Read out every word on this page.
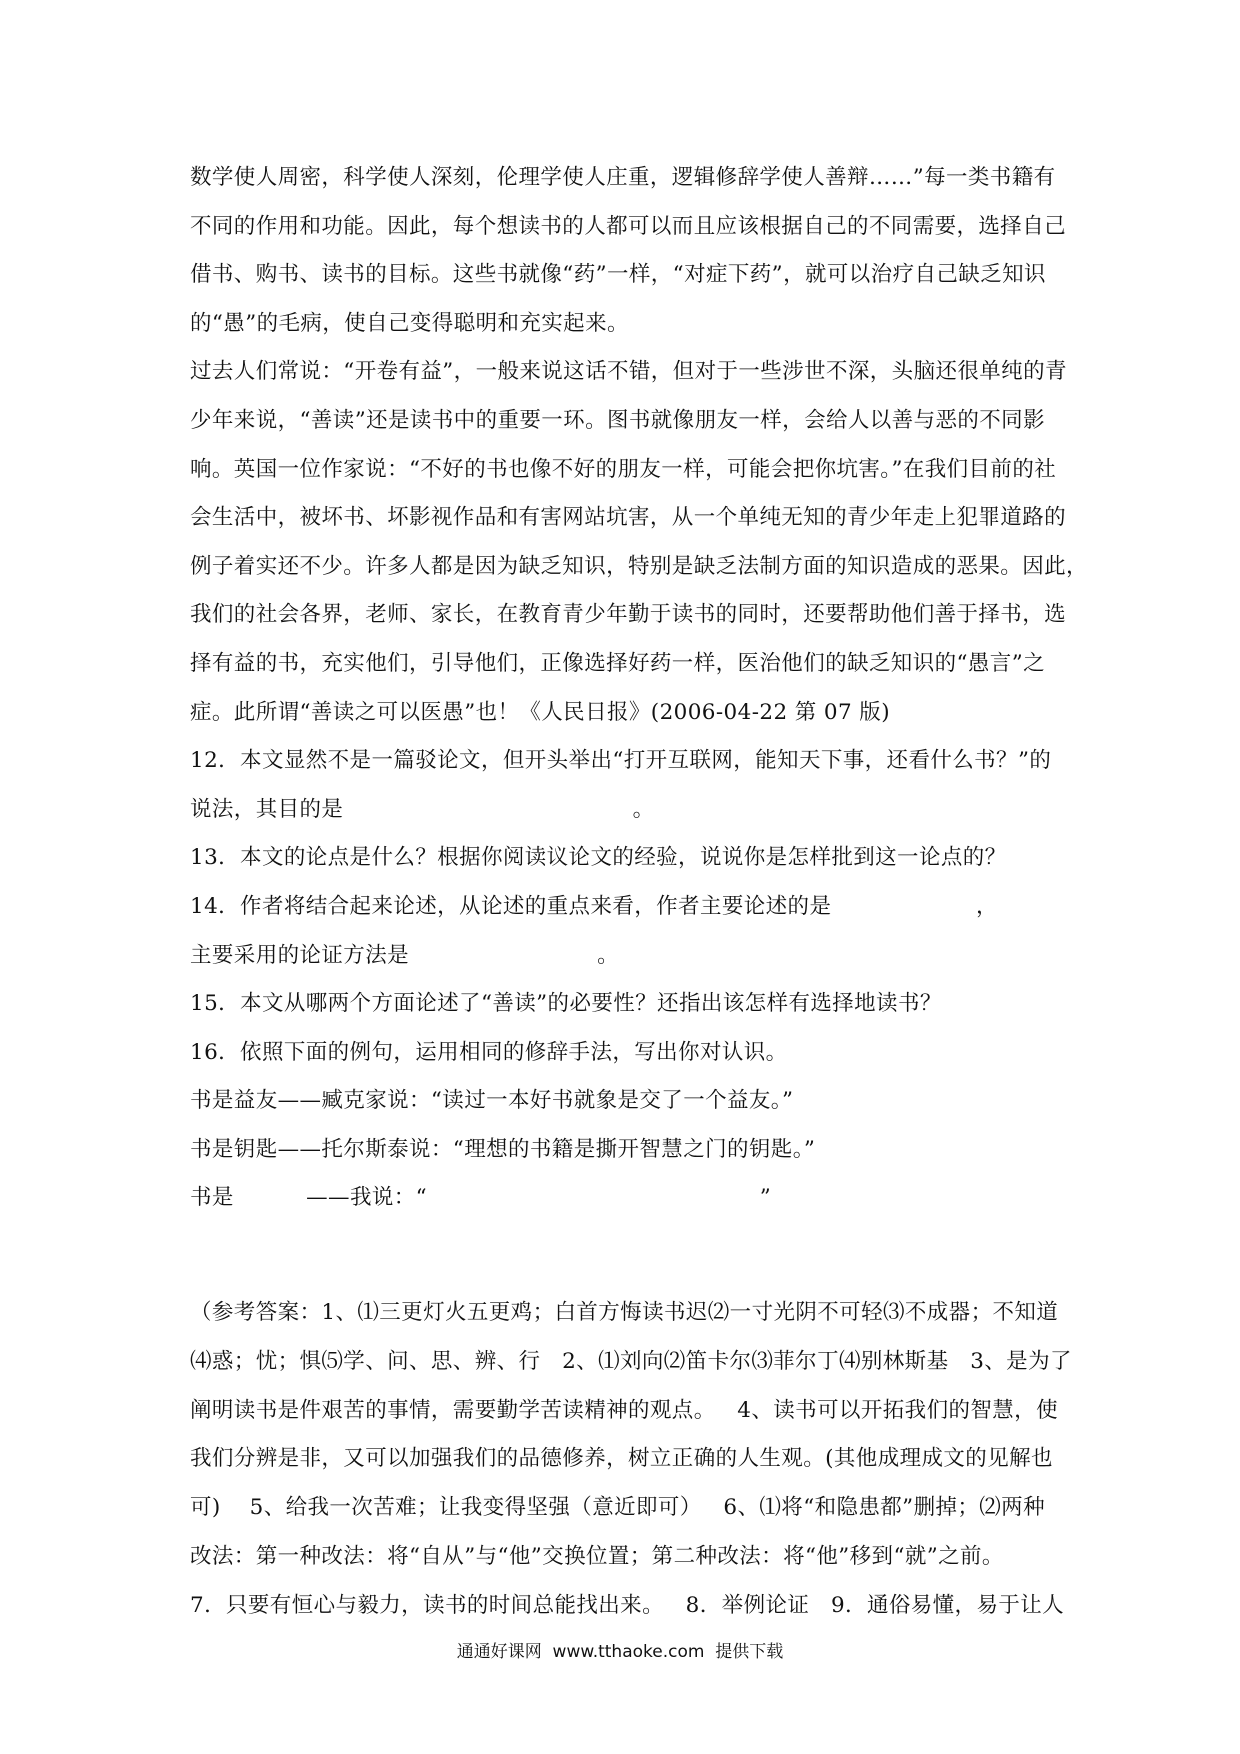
数学使人周密，科学使人深刻，伦理学使人庄重，逻辑修辞学使人善辩……”每一类书籍有
不同的作用和功能。因此，每个想读书的人都可以而且应该根据自己的不同需要，选择自己
借书、购书、读书的目标。这些书就像“药”一样，“对症下药”，就可以治疗自己缺乏知识
的“愚”的毛病，使自己变得聪明和充实起来。
过去人们常说：“开卷有益”，一般来说这话不错，但对于一些涉世不深，头脑还很单纯的青
少年来说，“善读”还是读书中的重要一环。图书就像朋友一样，会给人以善与恶的不同影
响。英国一位作家说：“不好的书也像不好的朋友一样，可能会把你坑害。”在我们目前的社
会生活中，被坏书、坏影视作品和有害网站坑害，从一个单纯无知的青少年走上犯罪道路的
例子着实还不少。许多人都是因为缺乏知识，特别是缺乏法制方面的知识造成的恶果。因此，
我们的社会各界，老师、家长，在教育青少年勤于读书的同时，还要帮助他们善于择书，选
择有益的书，充实他们，引导他们，正像选择好药一样，医治他们的缺乏知识的“愚言”之
症。此所谓“善读之可以医愚”也！《人民日报》(2006-04-22 第 07 版)
12．本文显然不是一篇驳论文，但开头举出“打开互联网，能知天下事，还看什么书？”的
说法，其目的是                                        。
13．本文的论点是什么？根据你阅读议论文的经验，说说你是怎样批到这一论点的？
14．作者将结合起来论述，从论述的重点来看，作者主要论述的是                    ，
主要采用的论证方法是                          。
15．本文从哪两个方面论述了“善读”的必要性？还指出该怎样有选择地读书？
16．依照下面的例句，运用相同的修辞手法，写出你对认识。
书是益友——臧克家说：“读过一本好书就象是交了一个益友。”
书是钥匙——托尔斯泰说：“理想的书籍是撕开智慧之门的钥匙。”
书是          ——我说：“                                              ”
（参考答案：1、⑴三更灯火五更鸡；白首方悔读书迟⑵一寸光阴不可轻⑶不成器；不知道
⑷惑；忧；惧⑸学、问、思、辨、行   2、⑴刘向⑵笛卡尔⑶菲尔丁⑷别林斯基   3、是为了
阐明读书是件艰苦的事情，需要勤学苦读精神的观点。   4、读书可以开拓我们的智慧，使
我们分辨是非，又可以加强我们的品德修养，树立正确的人生观。(其他成理成文的见解也
可)    5、给我一次苦难；让我变得坚强（意近即可）   6、⑴将“和隐患都”删掉；⑵两种
改法：第一种改法：将“自从”与“他”交换位置；第二种改法：将“他”移到“就”之前。
7．只要有恒心与毅力，读书的时间总能找出来。   8．举例论证   9．通俗易懂，易于让人
通通好课网  www.tthaoke.com  提供下载
